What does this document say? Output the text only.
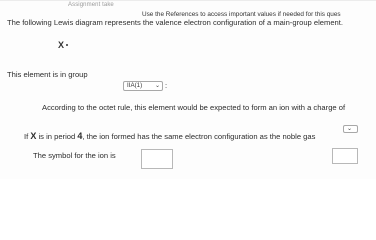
Assignment take
Use the References to access important values if needed for this ques
The following Lewis diagram represents the valence electron configuration of a main-group element.
X
This element is in group
IIA(1) ⌄ :
According to the octet rule, this element would be expected to form an ion with a charge of
⌄
If X is in period 4, the ion formed has the same electron configuration as the noble gas
The symbol for the ion is
